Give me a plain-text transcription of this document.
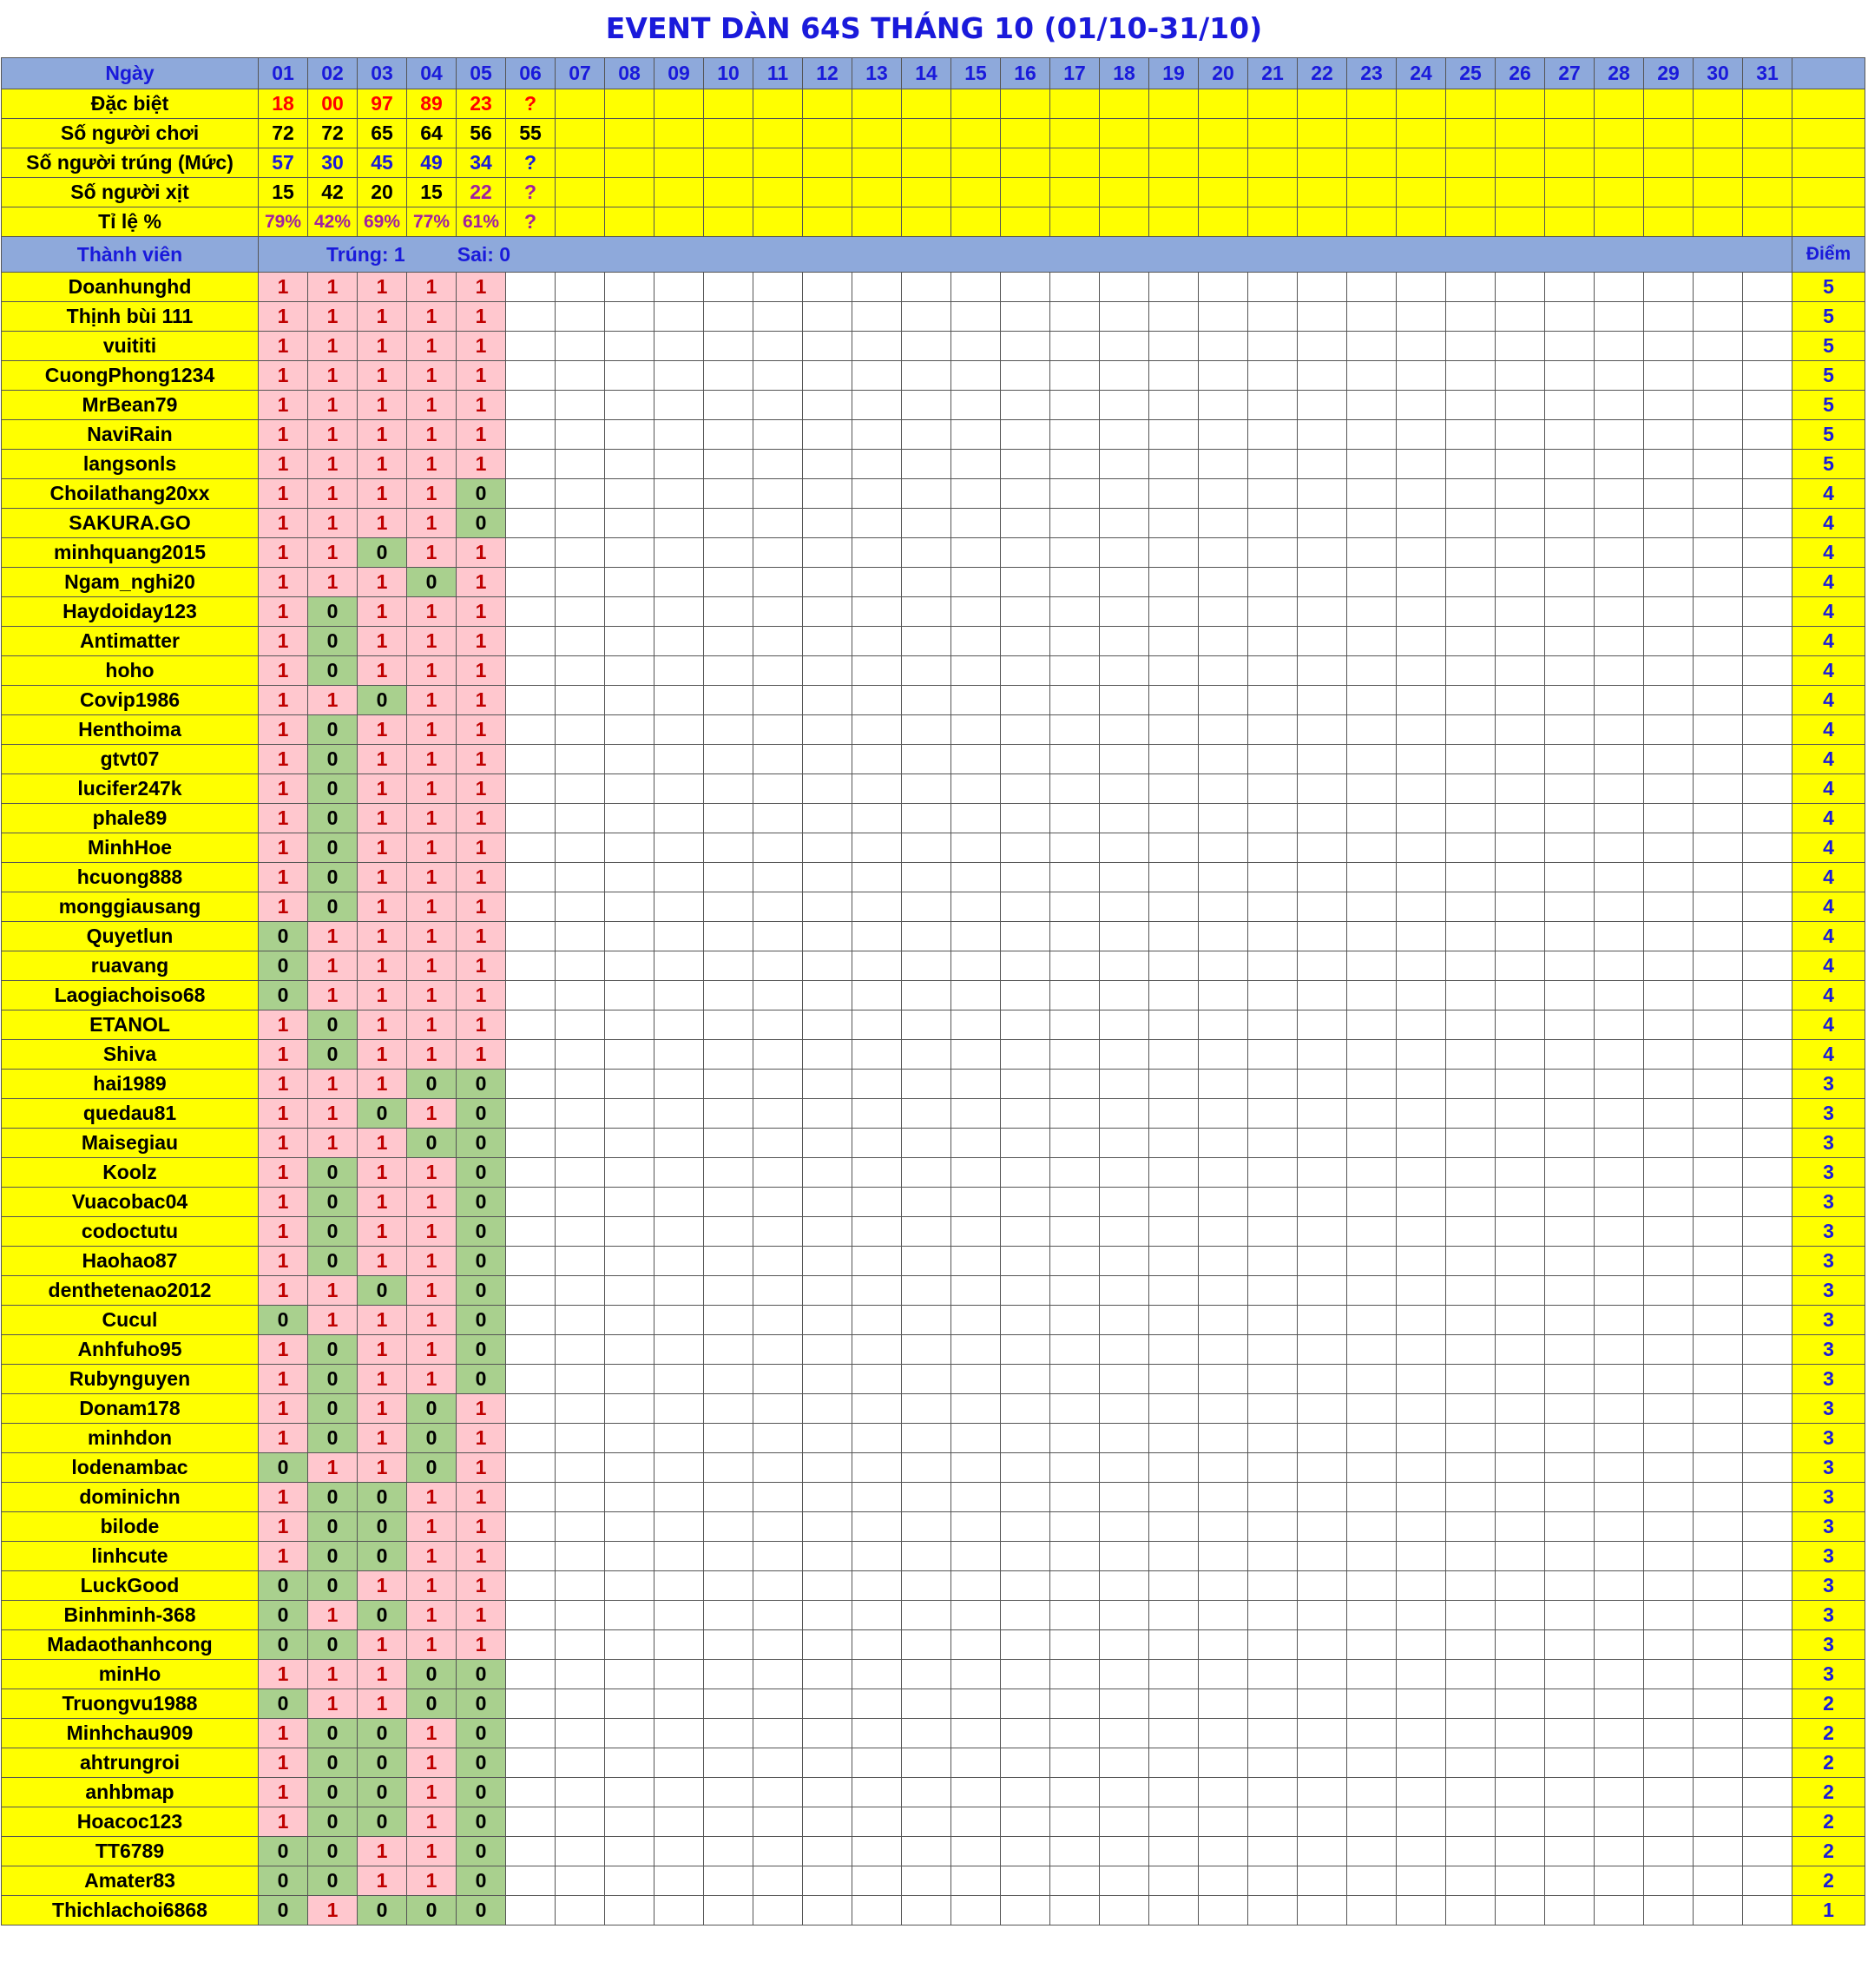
EVENT DÀN 64S THÁNG 10 (01/10-31/10)
Ngày	01	02	03	04	05	06	07	08	09	10	11	12	13	14	15	16	17	18	19	20	21	22	23	24	25	26	27	28	29	30	31	
Đặc biệt	18	00	97	89	23	?																										
Số người chơi	72	72	65	64	56	55																										
Số người trúng (Mức)	57	30	45	49	34	?																										
Số người xịt	15	42	20	15	22	?																										
Tỉ lệ %	79%	42%	69%	77%	61%	?																										
Thành viên	Trúng: 1 Sai: 0																															Điểm
Doanhunghd	1	1	1	1	1																											5
Thịnh bùi 111	1	1	1	1	1																											5
vuititi	1	1	1	1	1																											5
CuongPhong1234	1	1	1	1	1																											5
MrBean79	1	1	1	1	1																											5
NaviRain	1	1	1	1	1																											5
langsonls	1	1	1	1	1																											5
Choilathang20xx	1	1	1	1	0																											4
SAKURA.GO	1	1	1	1	0																											4
minhquang2015	1	1	0	1	1																											4
Ngam_nghi20	1	1	1	0	1																											4
Haydoiday123	1	0	1	1	1																											4
Antimatter	1	0	1	1	1																											4
hoho	1	0	1	1	1																											4
Covip1986	1	1	0	1	1																											4
Henthoima	1	0	1	1	1																											4
gtvt07	1	0	1	1	1																											4
lucifer247k	1	0	1	1	1																											4
phale89	1	0	1	1	1																											4
MinhHoe	1	0	1	1	1																											4
hcuong888	1	0	1	1	1																											4
monggiausang	1	0	1	1	1																											4
Quyetlun	0	1	1	1	1																											4
ruavang	0	1	1	1	1																											4
Laogiachoiso68	0	1	1	1	1																											4
ETANOL	1	0	1	1	1																											4
Shiva	1	0	1	1	1																											4
hai1989	1	1	1	0	0																											3
quedau81	1	1	0	1	0																											3
Maisegiau	1	1	1	0	0																											3
Koolz	1	0	1	1	0																											3
Vuacobac04	1	0	1	1	0																											3
codoctutu	1	0	1	1	0																											3
Haohao87	1	0	1	1	0																											3
denthetenao2012	1	1	0	1	0																											3
Cucul	0	1	1	1	0																											3
Anhfuho95	1	0	1	1	0																											3
Rubynguyen	1	0	1	1	0																											3
Donam178	1	0	1	0	1																											3
minhdon	1	0	1	0	1																											3
lodenambac	0	1	1	0	1																											3
dominichn	1	0	0	1	1																											3
bilode	1	0	0	1	1																											3
linhcute	1	0	0	1	1																											3
LuckGood	0	0	1	1	1																											3
Binhminh-368	0	1	0	1	1																											3
Madaothanhcong	0	0	1	1	1																											3
minHo	1	1	1	0	0																											3
Truongvu1988	0	1	1	0	0																											2
Minhchau909	1	0	0	1	0																											2
ahtrungroi	1	0	0	1	0																											2
anhbmap	1	0	0	1	0																											2
Hoacoc123	1	0	0	1	0																											2
TT6789	0	0	1	1	0																											2
Amater83	0	0	1	1	0																											2
Thichlachoi6868	0	1	0	0	0																											1
